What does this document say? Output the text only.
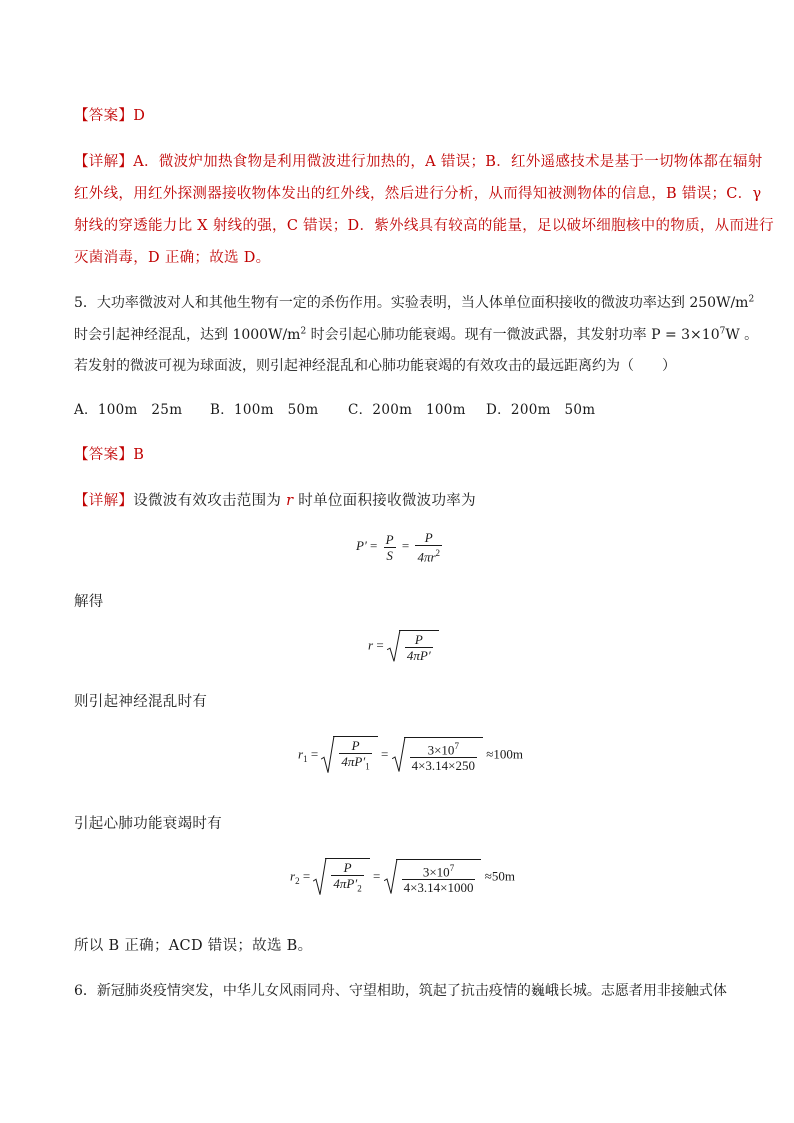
【答案】D
【详解】A．微波炉加热食物是利用微波进行加热的，A 错误；B．红外遥感技术是基于一切物体都在辐射
红外线，用红外探测器接收物体发出的红外线，然后进行分析，从而得知被测物体的信息，B 错误；C．γ
射线的穿透能力比 X 射线的强，C 错误；D．紫外线具有较高的能量，足以破坏细胞核中的物质，从而进行
灭菌消毒，D 正确；故选 D。
5．大功率微波对人和其他生物有一定的杀伤作用。实验表明，当人体单位面积接收的微波功率达到 $250W/m^2$
时会引起神经混乱，达到 $1000W/m^2$ 时会引起心肺功能衰竭。现有一微波武器，其发射功率 $P = 3\times 10^7W$ 。
若发射的微波可视为球面波，则引起神经混乱和心肺功能衰竭的有效攻击的最远距离约为（　　）
A．100m　25m B．100m　50m C．200m　100m D．200m　50m
【答案】B
【详解】设微波有效攻击范围为 r 时单位面积接收微波功率为
$P' = \frac{P}{S} = \frac{P}{4\pi r^2}$
解得
$r = \frac{P}{4\pi P'}$
则引起神经混乱时有
$r_1 = \frac{P}{4\pi P'_1} = \frac{3\times 10^7}{4\times 3.14\times 250} \approx 100m$
引起心肺功能衰竭时有
$r_2 = \frac{P}{4\pi P'_2} = \frac{3\times 10^7}{4\times 3.14\times 1000} \approx 50m$
所以 B 正确；ACD 错误；故选 B。
6．新冠肺炎疫情突发，中华儿女风雨同舟、守望相助，筑起了抗击疫情的巍峨长城。志愿者用非接触式体
